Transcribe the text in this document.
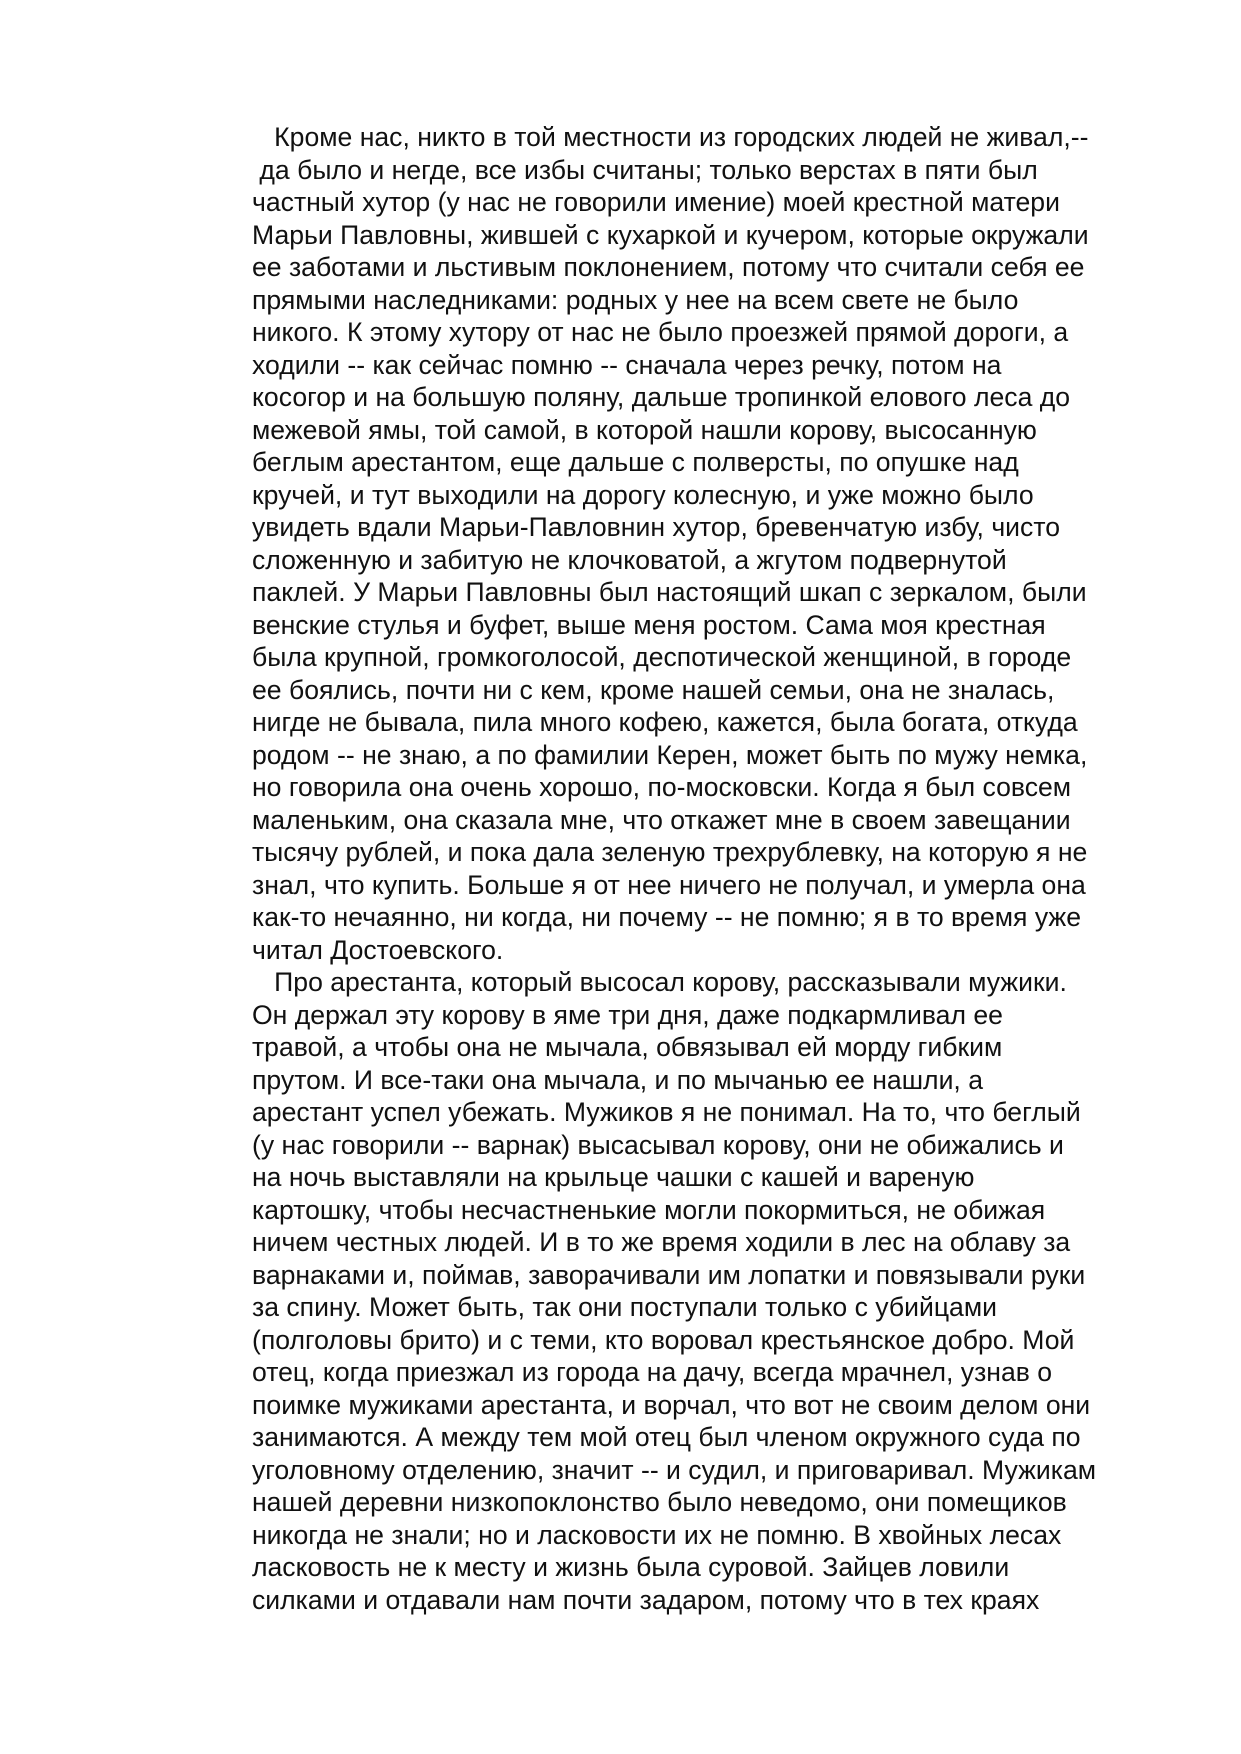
Кроме нас, никто в той местности из городских людей не живал,--
да было и негде, все избы считаны; только верстах в пяти был
частный хутор (у нас не говорили имение) моей крестной матери
Марьи Павловны, жившей с кухаркой и кучером, которые окружали
ее заботами и льстивым поклонением, потому что считали себя ее
прямыми наследниками: родных у нее на всем свете не было
никого. К этому хутору от нас не было проезжей прямой дороги, а
ходили -- как сейчас помню -- сначала через речку, потом на
косогор и на большую поляну, дальше тропинкой елового леса до
межевой ямы, той самой, в которой нашли корову, высосанную
беглым арестантом, еще дальше с полверсты, по опушке над
кручей, и тут выходили на дорогу колесную, и уже можно было
увидеть вдали Марьи-Павловнин хутор, бревенчатую избу, чисто
сложенную и забитую не клочковатой, а жгутом подвернутой
паклей. У Марьи Павловны был настоящий шкап с зеркалом, были
венские стулья и буфет, выше меня ростом. Сама моя крестная
была крупной, громкоголосой, деспотической женщиной, в городе
ее боялись, почти ни с кем, кроме нашей семьи, она не зналась,
нигде не бывала, пила много кофею, кажется, была богата, откуда
родом -- не знаю, а по фамилии Керен, может быть по мужу немка,
но говорила она очень хорошо, по-московски. Когда я был совсем
маленьким, она сказала мне, что откажет мне в своем завещании
тысячу рублей, и пока дала зеленую трехрублевку, на которую я не
знал, что купить. Больше я от нее ничего не получал, и умерла она
как-то нечаянно, ни когда, ни почему -- не помню; я в то время уже
читал Достоевского.
Про арестанта, который высосал корову, рассказывали мужики.
Он держал эту корову в яме три дня, даже подкармливал ее
травой, а чтобы она не мычала, обвязывал ей морду гибким
прутом. И все-таки она мычала, и по мычанью ее нашли, а
арестант успел убежать. Мужиков я не понимал. На то, что беглый
(у нас говорили -- варнак) высасывал корову, они не обижались и
на ночь выставляли на крыльце чашки с кашей и вареную
картошку, чтобы несчастненькие могли покормиться, не обижая
ничем честных людей. И в то же время ходили в лес на облаву за
варнаками и, поймав, заворачивали им лопатки и повязывали руки
за спину. Может быть, так они поступали только с убийцами
(полголовы брито) и с теми, кто воровал крестьянское добро. Мой
отец, когда приезжал из города на дачу, всегда мрачнел, узнав о
поимке мужиками арестанта, и ворчал, что вот не своим делом они
занимаются. А между тем мой отец был членом окружного суда по
уголовному отделению, значит -- и судил, и приговаривал. Мужикам
нашей деревни низкопоклонство было неведомо, они помещиков
никогда не знали; но и ласковости их не помню. В хвойных лесах
ласковость не к месту и жизнь была суровой. Зайцев ловили
силками и отдавали нам почти задаром, потому что в тех краях
